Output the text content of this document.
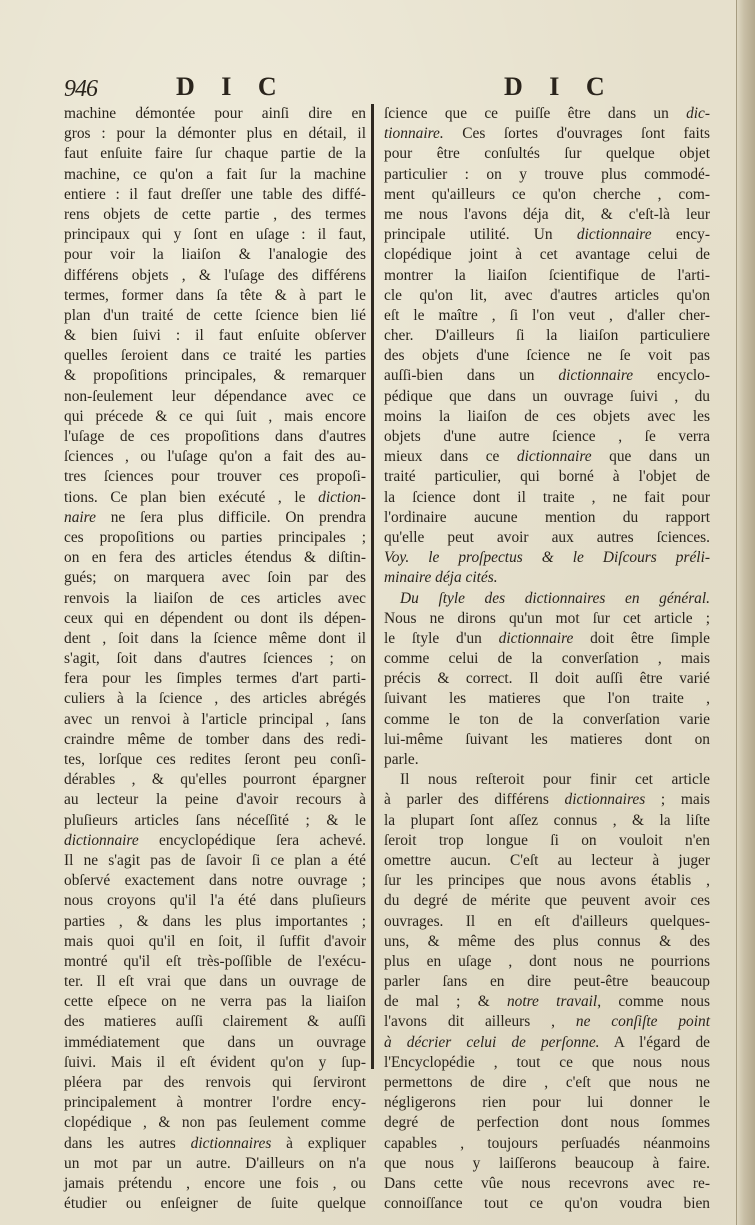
946	D I C	D I C
machine démontée pour ainſi dire en
gros : pour la démonter plus en détail, il
faut enſuite faire ſur chaque partie de la
machine, ce qu'on a fait ſur la machine
entiere : il faut dreſſer une table des diffé-
rens objets de cette partie , des termes
principaux qui y ſont en uſage : il faut,
pour voir la liaiſon & l'analogie des
différens objets , & l'uſage des différens
termes, former dans ſa tête & à part le
plan d'un traité de cette ſcience bien lié
& bien ſuivi : il faut enſuite obſerver
quelles ſeroient dans ce traité les parties
& propoſitions principales, & remarquer
non-ſeulement leur dépendance avec ce
qui précede & ce qui ſuit , mais encore
l'uſage de ces propoſitions dans d'autres
ſciences , ou l'uſage qu'on a fait des au-
tres ſciences pour trouver ces propoſi-
tions. Ce plan bien exécuté , le diction-
naire ne ſera plus difficile. On prendra
ces propoſitions ou parties principales ;
on en fera des articles étendus & diſtin-
gués; on marquera avec ſoin par des
renvois la liaiſon de ces articles avec
ceux qui en dépendent ou dont ils dépen-
dent , ſoit dans la ſcience même dont il
s'agit, ſoit dans d'autres ſciences ; on
fera pour les ſimples termes d'art parti-
culiers à la ſcience , des articles abrégés
avec un renvoi à l'article principal , ſans
craindre même de tomber dans des redi-
tes, lorſque ces redites ſeront peu conſi-
dérables , & qu'elles pourront épargner
au lecteur la peine d'avoir recours à
pluſieurs articles ſans néceſſité ; & le
dictionnaire encyclopédique ſera achevé.
Il ne s'agit pas de ſavoir ſi ce plan a été
obſervé exactement dans notre ouvrage ;
nous croyons qu'il l'a été dans pluſieurs
parties , & dans les plus importantes ;
mais quoi qu'il en ſoit, il ſuffit d'avoir
montré qu'il eſt très-poſſible de l'exécu-
ter. Il eſt vrai que dans un ouvrage de
cette eſpece on ne verra pas la liaiſon
des matieres auſſi clairement & auſſi
immédiatement que dans un ouvrage
ſuivi. Mais il eſt évident qu'on y ſup-
pléera par des renvois qui ſerviront
principalement à montrer l'ordre ency-
clopédique , & non pas ſeulement comme
dans les autres dictionnaires à expliquer
un mot par un autre. D'ailleurs on n'a
jamais prétendu , encore une fois , ou
étudier ou enſeigner de ſuite quelque
ſcience que ce puiſſe être dans un dic-
tionnaire. Ces ſortes d'ouvrages ſont faits
pour être conſultés ſur quelque objet
particulier : on y trouve plus commodé-
ment qu'ailleurs ce qu'on cherche , com-
me nous l'avons déja dit, & c'eſt-là leur
principale utilité. Un dictionnaire ency-
clopédique joint à cet avantage celui de
montrer la liaiſon ſcientifique de l'arti-
cle qu'on lit, avec d'autres articles qu'on
eſt le maître , ſi l'on veut , d'aller cher-
cher. D'ailleurs ſi la liaiſon particuliere
des objets d'une ſcience ne ſe voit pas
auſſi-bien dans un dictionnaire encyclo-
pédique que dans un ouvrage ſuivi , du
moins la liaiſon de ces objets avec les
objets d'une autre ſcience , ſe verra
mieux dans ce dictionnaire que dans un
traité particulier, qui borné à l'objet de
la ſcience dont il traite , ne fait pour
l'ordinaire aucune mention du rapport
qu'elle peut avoir aux autres ſciences.
Voy. le proſpectus & le Diſcours préli-
minaire déja cités.
Du ſtyle des dictionnaires en général.
Nous ne dirons qu'un mot ſur cet article ;
le ſtyle d'un dictionnaire doit être ſimple
comme celui de la converſation , mais
précis & correct. Il doit auſſi être varié
ſuivant les matieres que l'on traite ,
comme le ton de la converſation varie
lui-même ſuivant les matieres dont on
parle.
Il nous reſteroit pour finir cet article
à parler des différens dictionnaires ; mais
la plupart ſont aſſez connus , & la liſte
ſeroit trop longue ſi on vouloit n'en
omettre aucun. C'eſt au lecteur à juger
ſur les principes que nous avons établis ,
du degré de mérite que peuvent avoir ces
ouvrages. Il en eſt d'ailleurs quelques-
uns, & même des plus connus & des
plus en uſage , dont nous ne pourrions
parler ſans en dire peut-être beaucoup
de mal ; & notre travail, comme nous
l'avons dit ailleurs , ne conſiſte point
à décrier celui de perſonne. A l'égard de
l'Encyclopédie , tout ce que nous nous
permettons de dire , c'eſt que nous ne
négligerons rien pour lui donner le
degré de perfection dont nous ſommes
capables , toujours perſuadés néanmoins
que nous y laiſſerons beaucoup à faire.
Dans cette vûe nous recevrons avec re-
connoiſſance tout ce qu'on voudra bien
